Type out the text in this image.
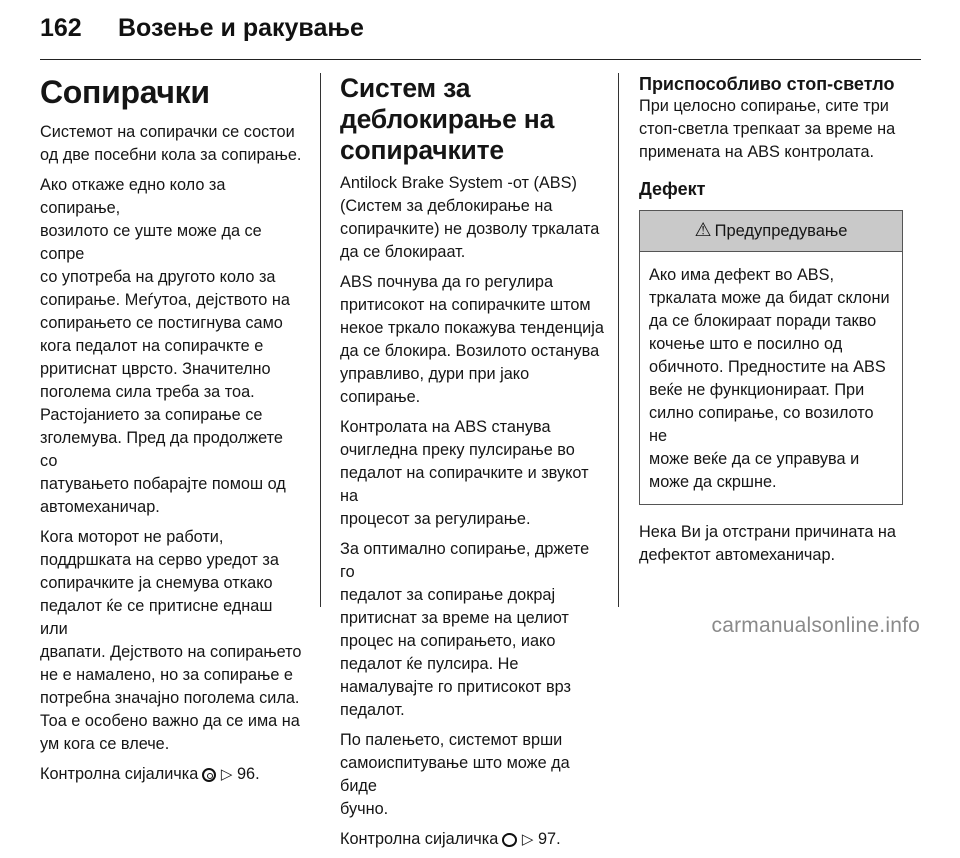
162 Возење и ракување
Сопирачки

Системот на сопирачки се состои
од две посебни кола за сопирање.

Ако откаже едно коло за сопирање,
возилото се уште може да се сопре
со употреба на другото коло за
сопирање. Меѓутоа, дејството на
сопирањето се постигнува само
кога педалот на сопирачкте е
pритиснат цврсто. Значително
поголема сила треба за тоа.
Растојанието за сопирање се
зголемува. Пред да продолжете со
патувањето побарајте помош од
автомеханичар.

Кога моторот не работи,
поддршката на серво уредот за
сопирачките ја снемува откако
педалот ќе се притисне еднаш или
двапати. Дејството на сопирањето
не е намалено, но за сопирање е
потребна значајно поголема сила.
Тоа е особено важно да се има на
ум кога се влече.

Контролна сијаличка ▷ 96.

Систем за деблокирање на сопирачките

Antilock Brake System -от (ABS)
(Систем за деблокирање на
сопирачките) не дозволу тркалата
да се блокираат.

ABS почнува да го регулира
притисокот на сопирачките штом
некое тркало покажува тенденција
да се блокира. Возилото останува
управливо, дури при јако
сопирање.

Контролата на ABS станува
очигледна преку пулсирање во
педалот на сопирачките и звукот на
процесот за регулирање.

За оптимално сопирање, држете го
педалот за сопирање докрај
притиснат за време на целиот
процес на сопирањето, иако
педалот ќе пулсира. Не
намалувајте го притисокот врз
педалот.

По палењето, системот врши
самоиспитување што може да биде
бучно.

Контролна сијаличка ▷ 97.

Приспособливо стоп-светло

При целосно сопирање, сите три
стоп-светла трепкаат за време на
примената на ABS контролата.

Дефект
⚠ Предупредување
Ако има дефект во ABS,
тркалата може да бидат склони
да се блокираат поради такво
кочење што е посилно од
обичното. Предностите на ABS
веќе не функционираат. При
силно сопирање, со возилото не
може веќе да се управува и
може да скршне.

Нека Ви ја отстрани причината на
дефектот автомеханичар.

carmanualsonline.info
